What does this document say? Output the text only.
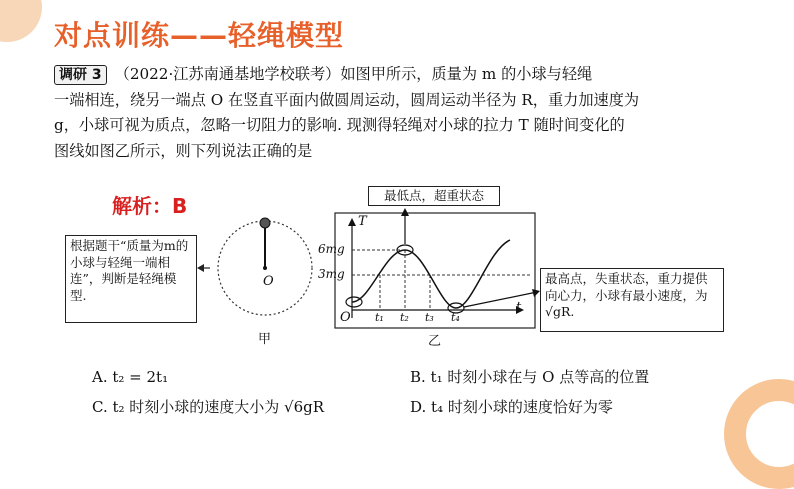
对点训练——轻绳模型
调研 3 （2022·江苏南通基地学校联考）如图甲所示，质量为 m 的小球与轻绳
一端相连，绕另一端点 O 在竖直平面内做圆周运动，圆周运动半径为 R，重力加速度为
g，小球可视为质点，忽略一切阻力的影响. 现测得轻绳对小球的拉力 T 随时间变化的
图线如图乙所示，则下列说法正确的是
解析：B
O
甲	乙
T
t
O
6mg
3mg
t₁ t₂ t₃ t₄
根据题干“质量为m的小球与轻绳一端相连”，判断是轻绳模型.
最低点，超重状态
最高点，失重状态，重力提供向心力，小球有最小速度，为√gR.
A. t₂ = 2t₁	B. t₁ 时刻小球在与 O 点等高的位置
C. t₂ 时刻小球的速度大小为 √6gR	D. t₄ 时刻小球的速度恰好为零
